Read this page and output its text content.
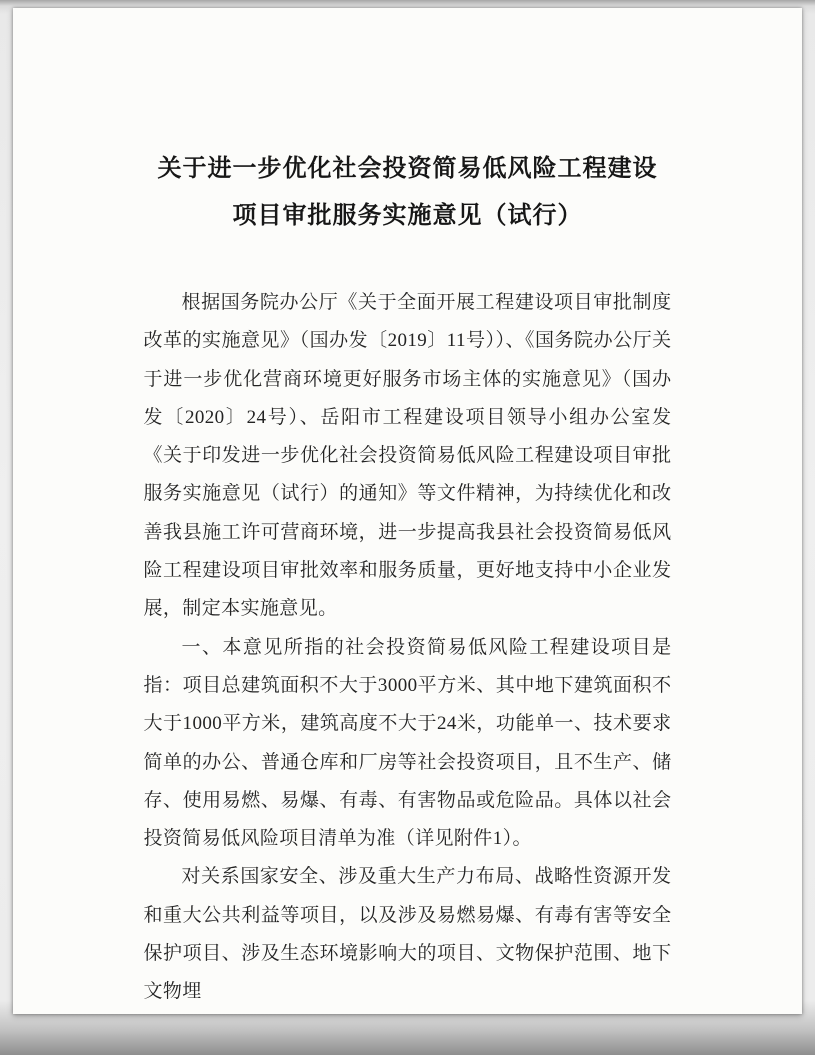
关于进一步优化社会投资简易低风险工程建设
项目审批服务实施意见（试行）

根据国务院办公厅《关于全面开展工程建设项目审批制度改革的实施意见》（国办发〔2019〕11号））、《国务院办公厅关于进一步优化营商环境更好服务市场主体的实施意见》（国办发〔2020〕24号）、岳阳市工程建设项目领导小组办公室发《关于印发进一步优化社会投资简易低风险工程建设项目审批服务实施意见（试行）的通知》等文件精神，为持续优化和改善我县施工许可营商环境，进一步提高我县社会投资简易低风险工程建设项目审批效率和服务质量，更好地支持中小企业发展，制定本实施意见。

一、本意见所指的社会投资简易低风险工程建设项目是指：项目总建筑面积不大于3000平方米、其中地下建筑面积不大于1000平方米，建筑高度不大于24米，功能单一、技术要求简单的办公、普通仓库和厂房等社会投资项目，且不生产、储存、使用易燃、易爆、有毒、有害物品或危险品。具体以社会投资简易低风险项目清单为准（详见附件1）。

对关系国家安全、涉及重大生产力布局、战略性资源开发和重大公共利益等项目，以及涉及易燃易爆、有毒有害等安全保护项目、涉及生态环境影响大的项目、文物保护范围、地下文物埋
